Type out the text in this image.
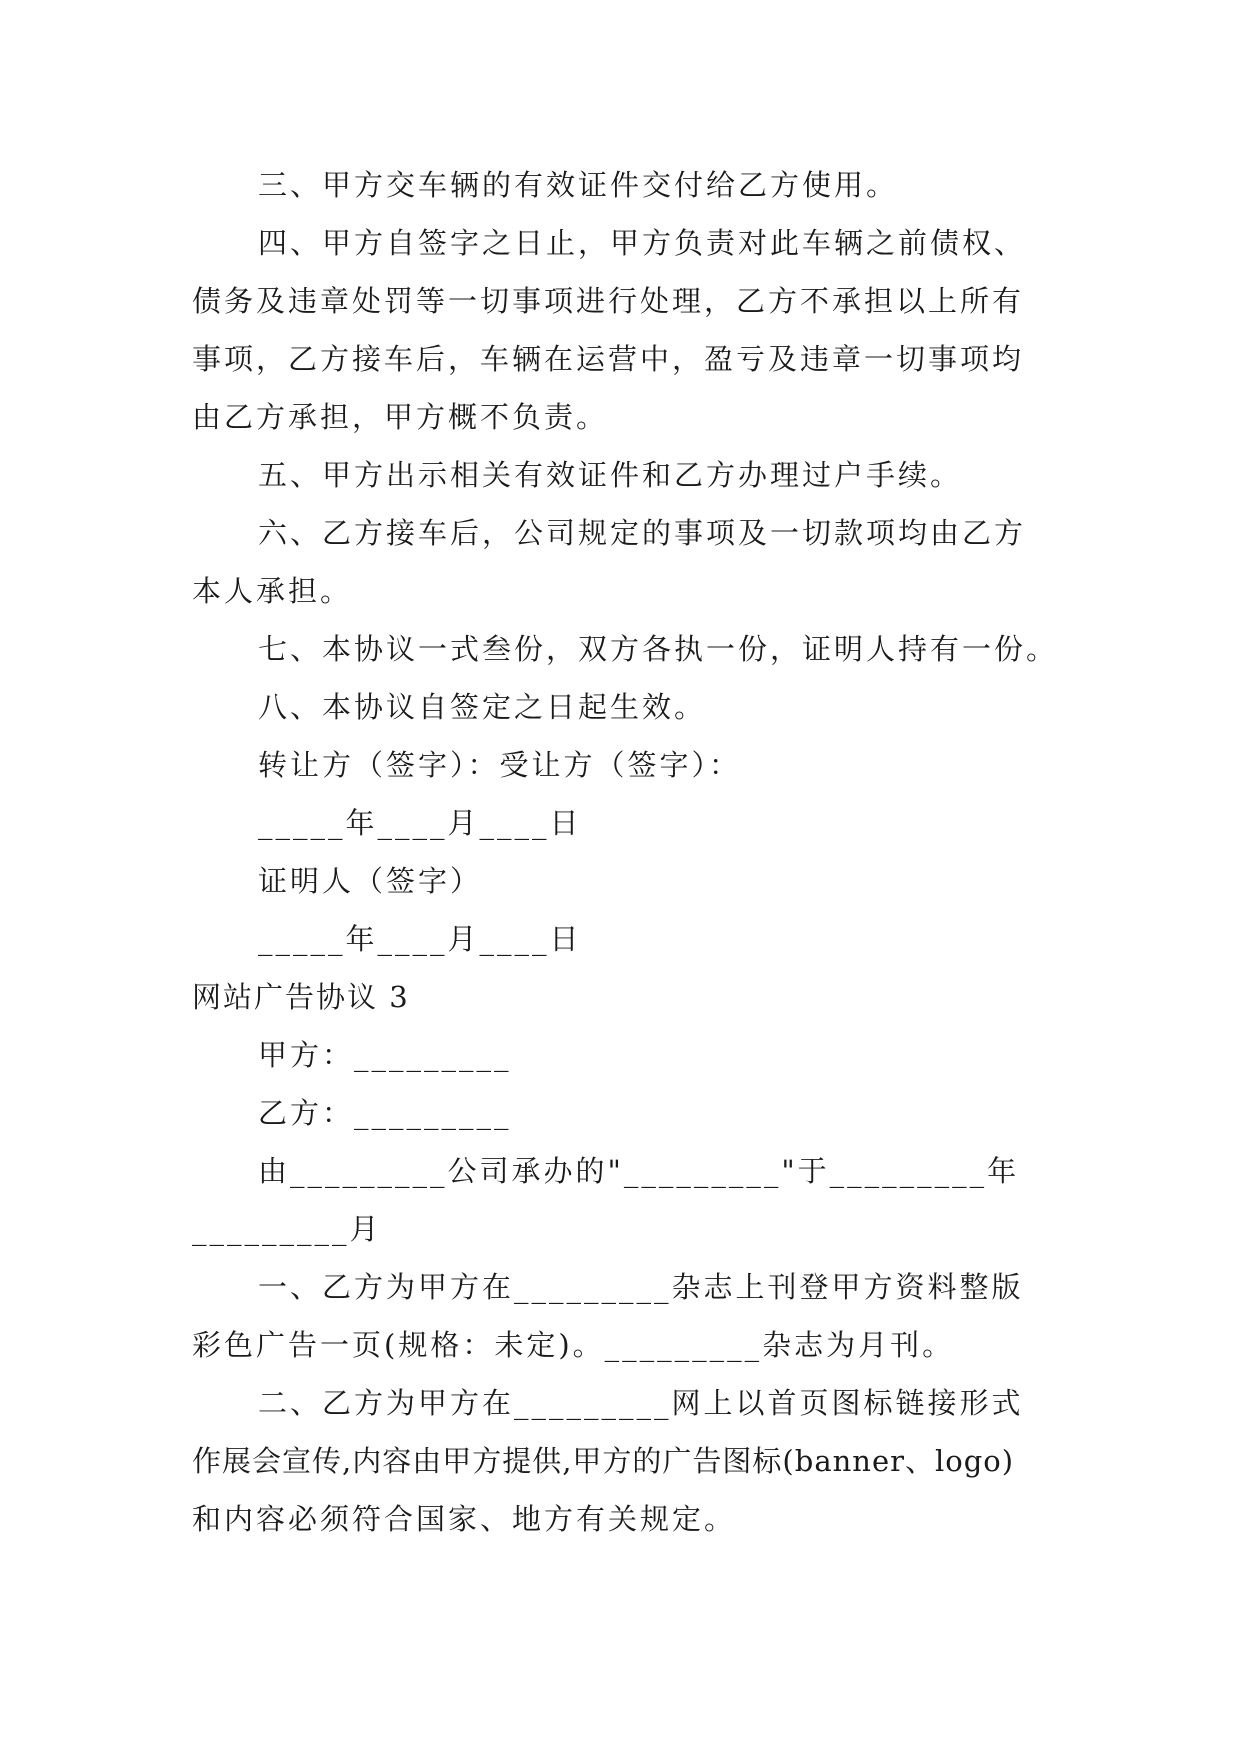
三、甲方交车辆的有效证件交付给乙方使用。
四、甲方自签字之日止，甲方负责对此车辆之前债权、
债务及违章处罚等一切事项进行处理，乙方不承担以上所有
事项，乙方接车后，车辆在运营中，盈亏及违章一切事项均
由乙方承担，甲方概不负责。
五、甲方出示相关有效证件和乙方办理过户手续。
六、乙方接车后，公司规定的事项及一切款项均由乙方
本人承担。
七、本协议一式叁份，双方各执一份，证明人持有一份。
八、本协议自签定之日起生效。
转让方（签字）：受让方（签字）：
_____年____月____日
证明人（签字）
_____年____月____日
网站广告协议 3
甲方：_________
乙方：_________
由_________公司承办的"_________"于_________年
_________月
一、乙方为甲方在_________杂志上刊登甲方资料整版
彩色广告一页(规格：未定)。_________杂志为月刊。
二、乙方为甲方在_________网上以首页图标链接形式
作展会宣传,内容由甲方提供,甲方的广告图标(banner、logo)
和内容必须符合国家、地方有关规定。
